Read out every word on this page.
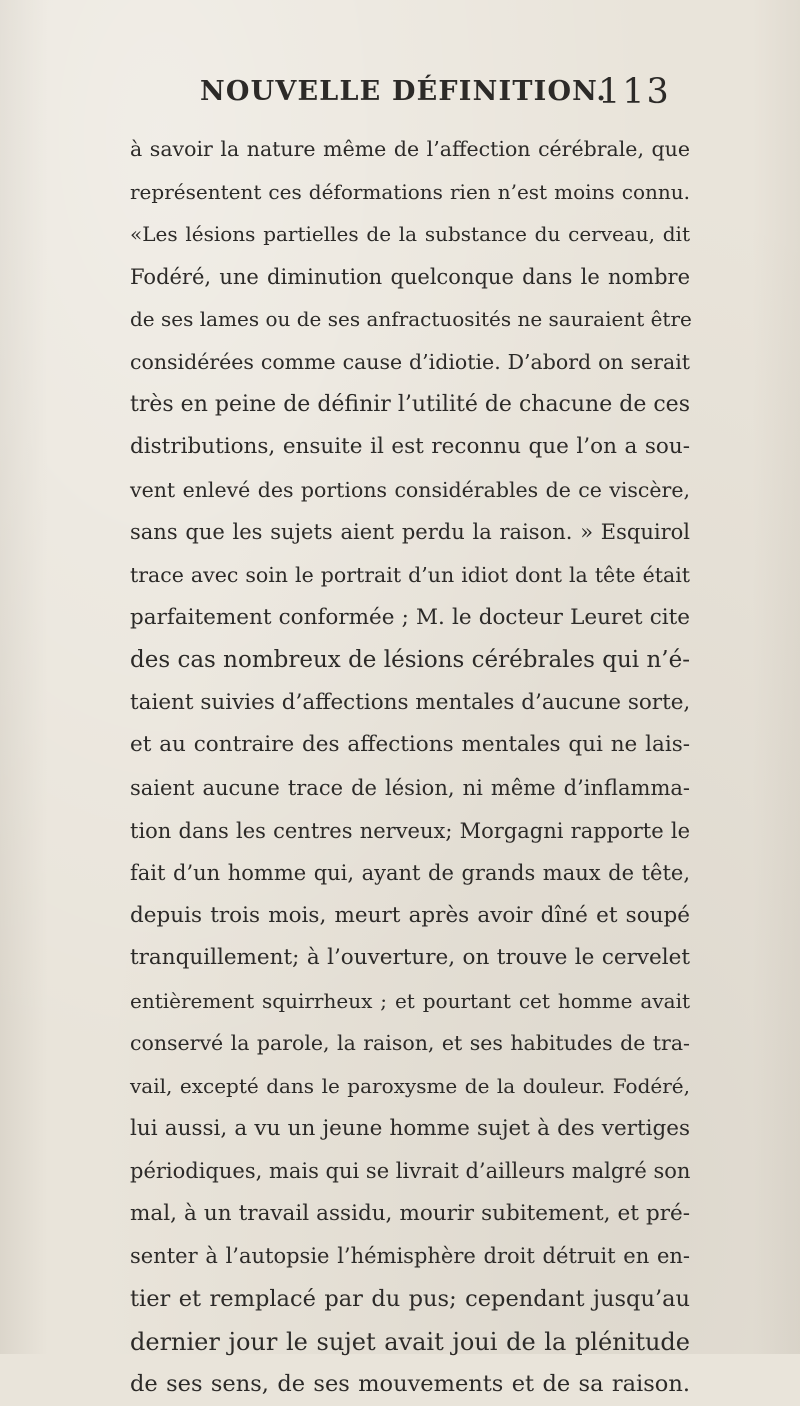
NOUVELLE DÉFINITION.
113
à savoir la nature même de l’affection cérébrale, que
représentent ces déformations rien n’est moins connu.
«Les lésions partielles de la substance du cerveau, dit
Fodéré, une diminution quelconque dans le nombre
de ses lames ou de ses anfractuosités ne sauraient être
considérées comme cause d’idiotie. D’abord on serait
très en peine de définir l’utilité de chacune de ces
distributions, ensuite il est reconnu que l’on a sou-
vent enlevé des portions considérables de ce viscère,
sans que les sujets aient perdu la raison. » Esquirol
trace avec soin le portrait d’un idiot dont la tête était
parfaitement conformée ; M. le docteur Leuret cite
des cas nombreux de lésions cérébrales qui n’é-
taient suivies d’affections mentales d’aucune sorte,
et au contraire des affections mentales qui ne lais-
saient aucune trace de lésion, ni même d’inflamma-
tion dans les centres nerveux; Morgagni rapporte le
fait d’un homme qui, ayant de grands maux de tête,
depuis trois mois, meurt après avoir dîné et soupé
tranquillement; à l’ouverture, on trouve le cervelet
entièrement squirrheux ; et pourtant cet homme avait
conservé la parole, la raison, et ses habitudes de tra-
vail, excepté dans le paroxysme de la douleur. Fodéré,
lui aussi, a vu un jeune homme sujet à des vertiges
périodiques, mais qui se livrait d’ailleurs malgré son
mal, à un travail assidu, mourir subitement, et pré-
senter à l’autopsie l’hémisphère droit détruit en en-
tier et remplacé par du pus; cependant jusqu’au
dernier jour le sujet avait joui de la plénitude
de ses sens, de ses mouvements et de sa raison.
